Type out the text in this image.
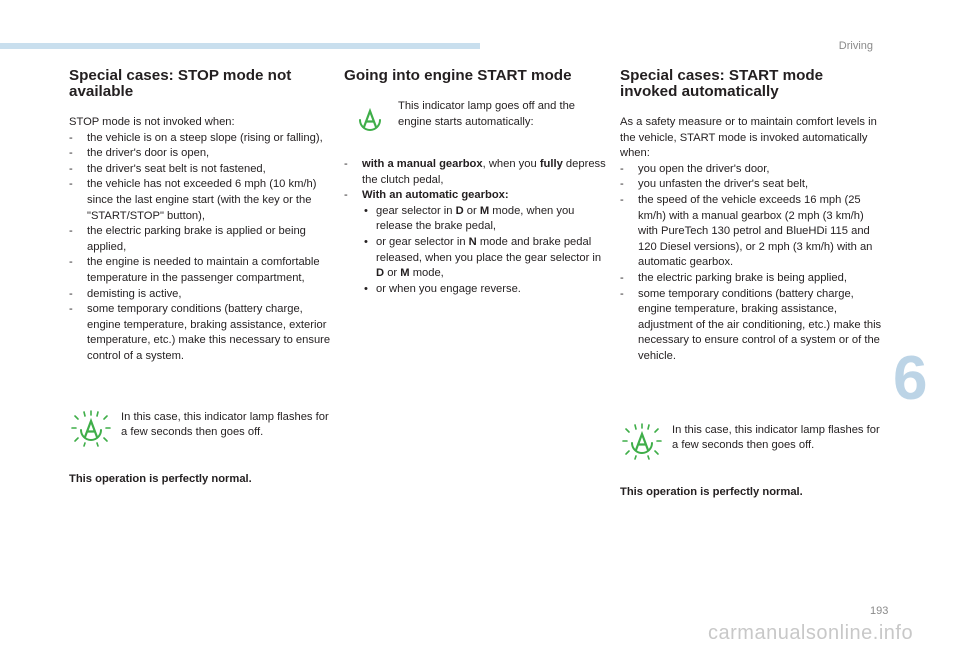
Driving
6
193
carmanualsonline.info
Special cases: STOP mode not
available

STOP mode is not invoked when:

- the vehicle is on a steep slope (rising or falling),
- the driver's door is open,
- the driver's seat belt is not fastened,
- the vehicle has not exceeded 6 mph (10 km/h) since the last engine start (with the key or the "START/STOP" button),
- the electric parking brake is applied or being applied,
- the engine is needed to maintain a comfortable temperature in the passenger compartment,
- demisting is active,
- some temporary conditions (battery charge, engine temperature, braking assistance, exterior temperature, etc.) make this necessary to ensure control of a system.
In this case, this indicator lamp flashes for a few seconds then goes off.

This operation is perfectly normal.

Going into engine START mode
This indicator lamp goes off and the engine starts automatically:
- with a manual gearbox, when you fully depress the clutch pedal,
- With an automatic gearbox:
• gear selector in D or M mode, when you release the brake pedal,
• or gear selector in N mode and brake pedal released, when you place the gear selector in D or M mode,
• or when you engage reverse.
Special cases: START mode
invoked automatically

As a safety measure or to maintain comfort levels in the vehicle, START mode is invoked automatically when:

- you open the driver's door,
- you unfasten the driver's seat belt,
- the speed of the vehicle exceeds 16 mph (25 km/h) with a manual gearbox (2 mph (3 km/h) with PureTech 130 petrol and BlueHDi 115 and 120 Diesel versions), or 2 mph (3 km/h) with an automatic gearbox.
- the electric parking brake is being applied,
- some temporary conditions (battery charge, engine temperature, braking assistance, adjustment of the air conditioning, etc.) make this necessary to ensure control of a system or of the vehicle.
In this case, this indicator lamp flashes for a few seconds then goes off.

This operation is perfectly normal.
